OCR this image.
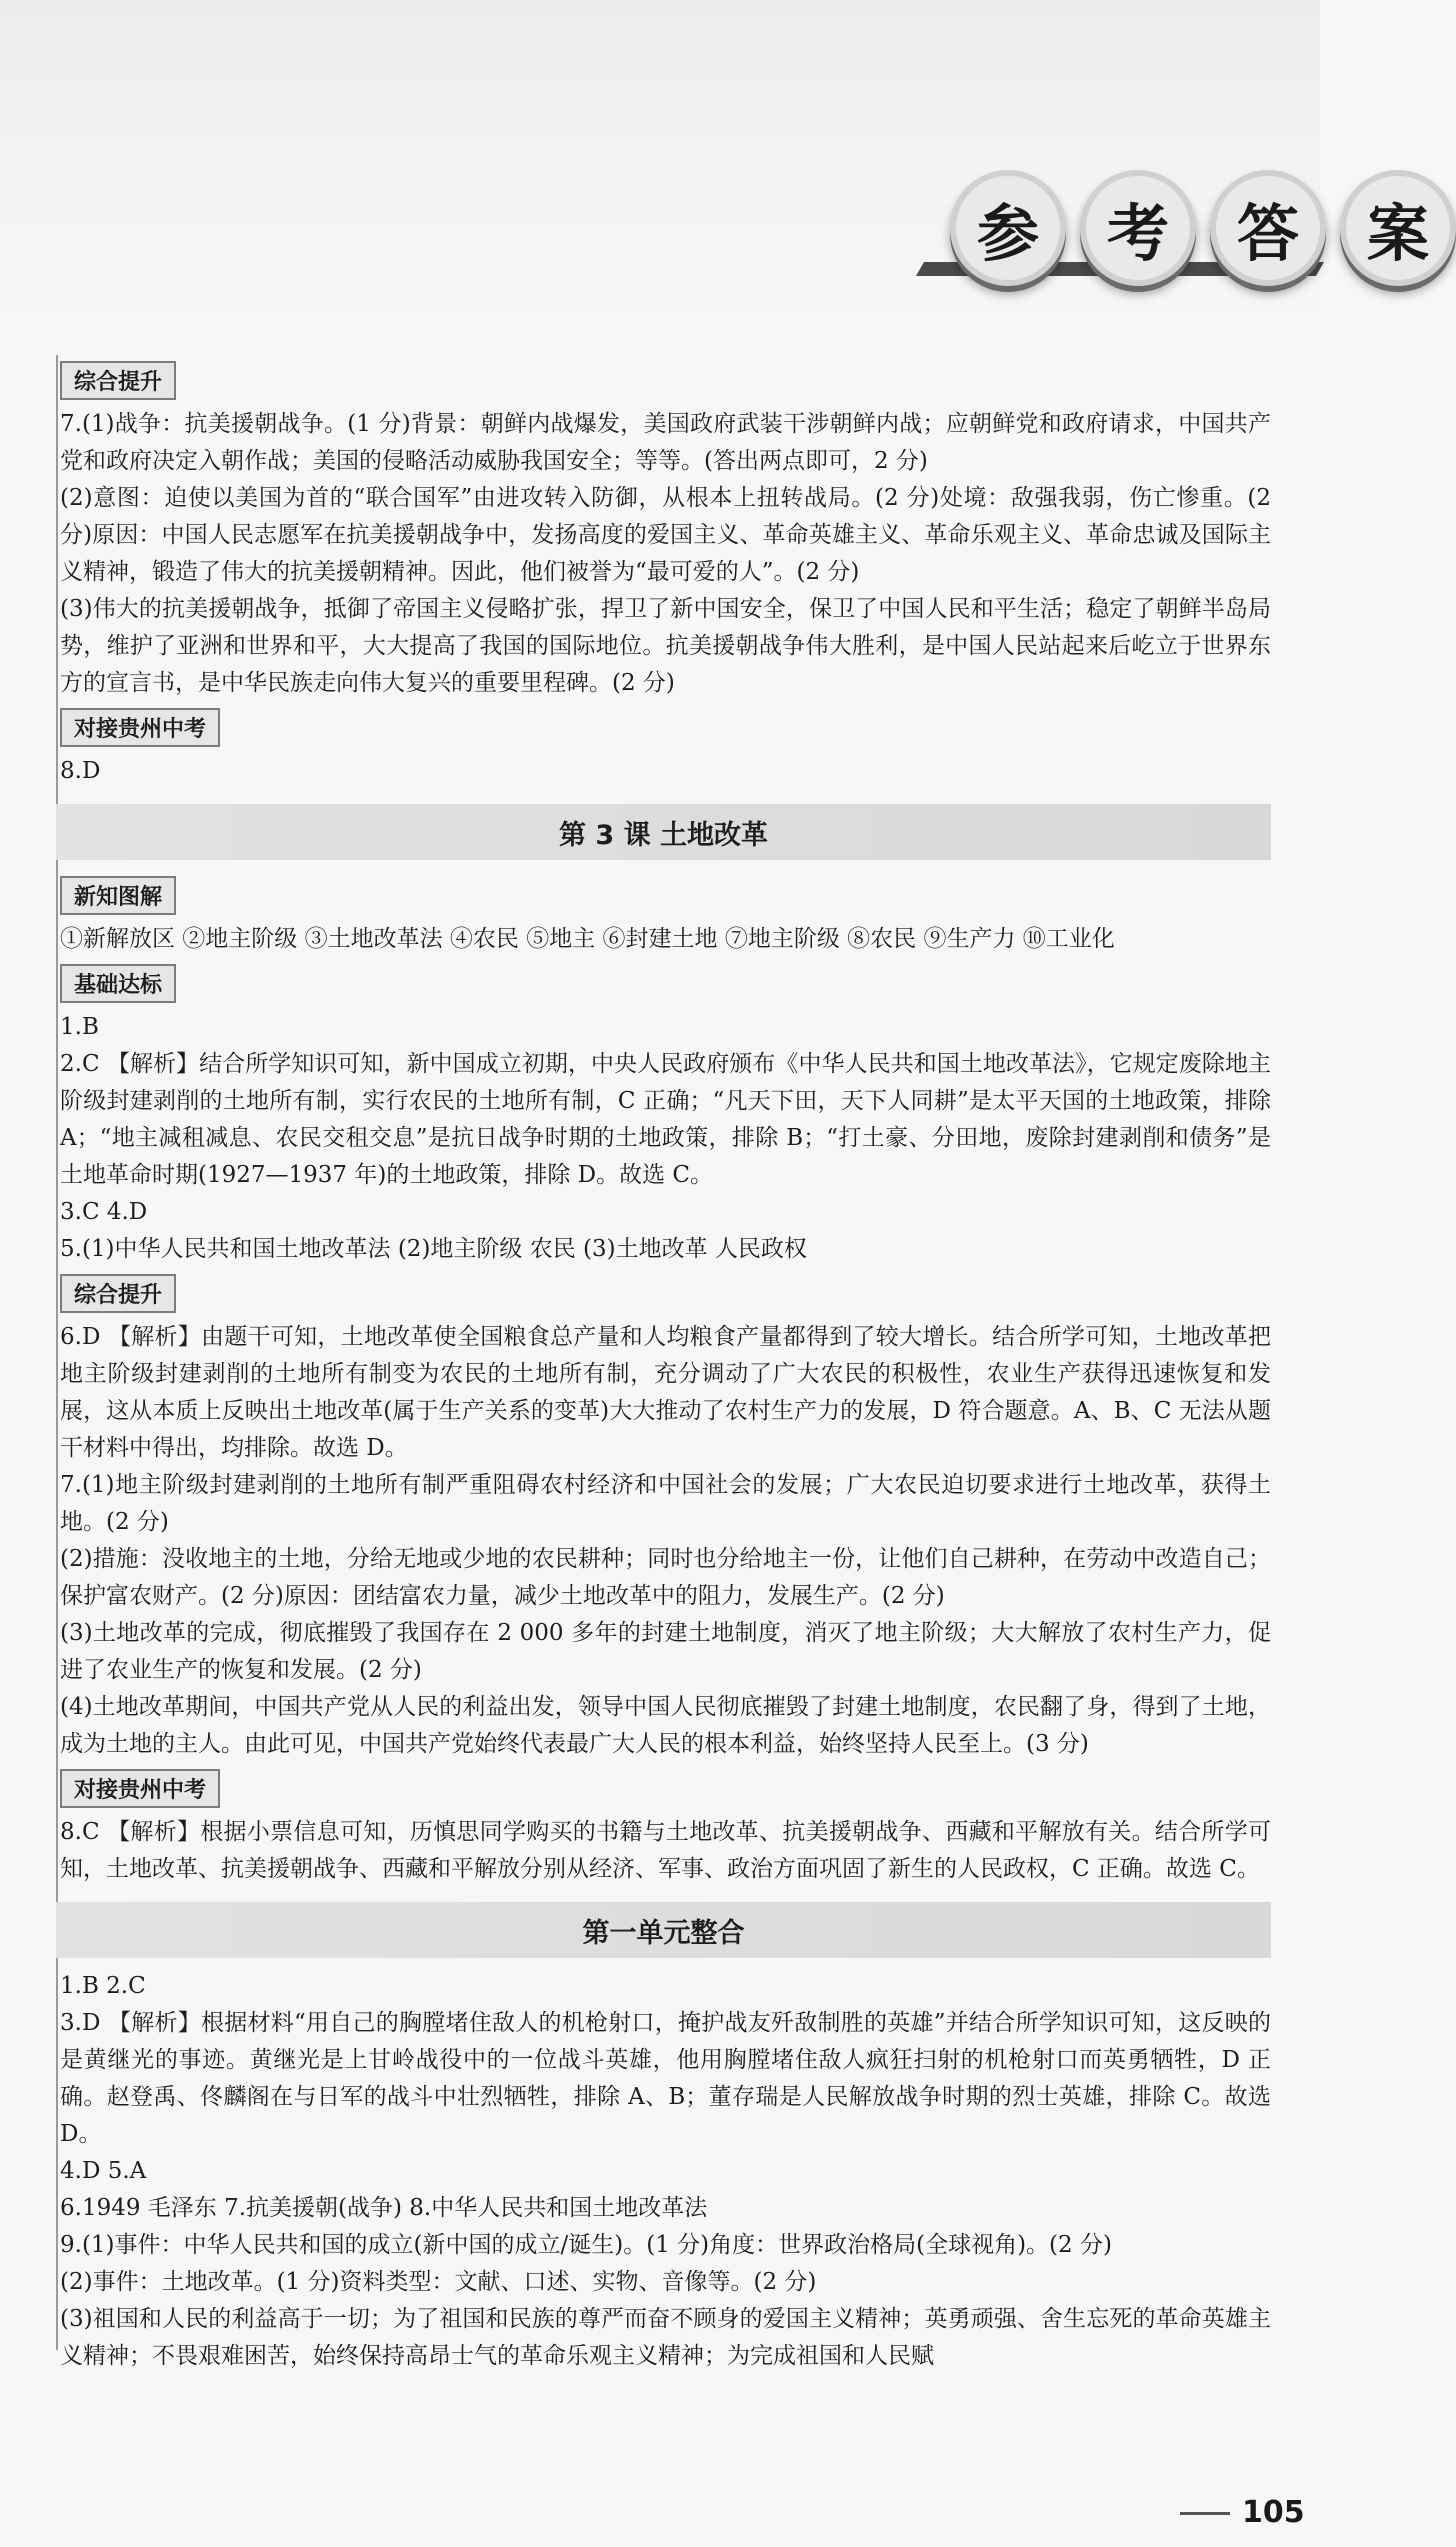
参	考	答	案
综合提升

7.(1)战争：抗美援朝战争。(1 分)背景：朝鲜内战爆发，美国政府武装干涉朝鲜内战；应朝鲜党和政府请求，中国共产党和政府决定入朝作战；美国的侵略活动威胁我国安全；等等。(答出两点即可，2 分)

(2)意图：迫使以美国为首的“联合国军”由进攻转入防御，从根本上扭转战局。(2 分)处境：敌强我弱，伤亡惨重。(2 分)原因：中国人民志愿军在抗美援朝战争中，发扬高度的爱国主义、革命英雄主义、革命乐观主义、革命忠诚及国际主义精神，锻造了伟大的抗美援朝精神。因此，他们被誉为“最可爱的人”。(2 分)

(3)伟大的抗美援朝战争，抵御了帝国主义侵略扩张，捍卫了新中国安全，保卫了中国人民和平生活；稳定了朝鲜半岛局势，维护了亚洲和世界和平，大大提高了我国的国际地位。抗美援朝战争伟大胜利，是中国人民站起来后屹立于世界东方的宣言书，是中华民族走向伟大复兴的重要里程碑。(2 分)

对接贵州中考

8.D

第 3 课 土地改革
新知图解

①新解放区 ②地主阶级 ③土地改革法 ④农民 ⑤地主 ⑥封建土地 ⑦地主阶级 ⑧农民 ⑨生产力 ⑩工业化

基础达标

1.B

2.C 【解析】结合所学知识可知，新中国成立初期，中央人民政府颁布《中华人民共和国土地改革法》，它规定废除地主阶级封建剥削的土地所有制，实行农民的土地所有制，C 正确；“凡天下田，天下人同耕”是太平天国的土地政策，排除 A；“地主减租减息、农民交租交息”是抗日战争时期的土地政策，排除 B；“打土豪、分田地，废除封建剥削和债务”是土地革命时期(1927—1937 年)的土地政策，排除 D。故选 C。

3.C 4.D

5.(1)中华人民共和国土地改革法 (2)地主阶级 农民 (3)土地改革 人民政权

综合提升

6.D 【解析】由题干可知，土地改革使全国粮食总产量和人均粮食产量都得到了较大增长。结合所学可知，土地改革把地主阶级封建剥削的土地所有制变为农民的土地所有制，充分调动了广大农民的积极性，农业生产获得迅速恢复和发展，这从本质上反映出土地改革(属于生产关系的变革)大大推动了农村生产力的发展，D 符合题意。A、B、C 无法从题干材料中得出，均排除。故选 D。

7.(1)地主阶级封建剥削的土地所有制严重阻碍农村经济和中国社会的发展；广大农民迫切要求进行土地改革，获得土地。(2 分)

(2)措施：没收地主的土地，分给无地或少地的农民耕种；同时也分给地主一份，让他们自己耕种，在劳动中改造自己；保护富农财产。(2 分)原因：团结富农力量，减少土地改革中的阻力，发展生产。(2 分)

(3)土地改革的完成，彻底摧毁了我国存在 2 000 多年的封建土地制度，消灭了地主阶级；大大解放了农村生产力，促进了农业生产的恢复和发展。(2 分)

(4)土地改革期间，中国共产党从人民的利益出发，领导中国人民彻底摧毁了封建土地制度，农民翻了身，得到了土地，成为土地的主人。由此可见，中国共产党始终代表最广大人民的根本利益，始终坚持人民至上。(3 分)

对接贵州中考

8.C 【解析】根据小票信息可知，历慎思同学购买的书籍与土地改革、抗美援朝战争、西藏和平解放有关。结合所学可知，土地改革、抗美援朝战争、西藏和平解放分别从经济、军事、政治方面巩固了新生的人民政权，C 正确。故选 C。

第一单元整合

1.B 2.C

3.D 【解析】根据材料“用自己的胸膛堵住敌人的机枪射口，掩护战友歼敌制胜的英雄”并结合所学知识可知，这反映的是黄继光的事迹。黄继光是上甘岭战役中的一位战斗英雄，他用胸膛堵住敌人疯狂扫射的机枪射口而英勇牺牲，D 正确。赵登禹、佟麟阁在与日军的战斗中壮烈牺牲，排除 A、B；董存瑞是人民解放战争时期的烈士英雄，排除 C。故选 D。

4.D 5.A

6.1949 毛泽东 7.抗美援朝(战争) 8.中华人民共和国土地改革法

9.(1)事件：中华人民共和国的成立(新中国的成立/诞生)。(1 分)角度：世界政治格局(全球视角)。(2 分)

(2)事件：土地改革。(1 分)资料类型：文献、口述、实物、音像等。(2 分)

(3)祖国和人民的利益高于一切；为了祖国和民族的尊严而奋不顾身的爱国主义精神；英勇顽强、舍生忘死的革命英雄主义精神；不畏艰难困苦，始终保持高昂士气的革命乐观主义精神；为完成祖国和人民赋

105
